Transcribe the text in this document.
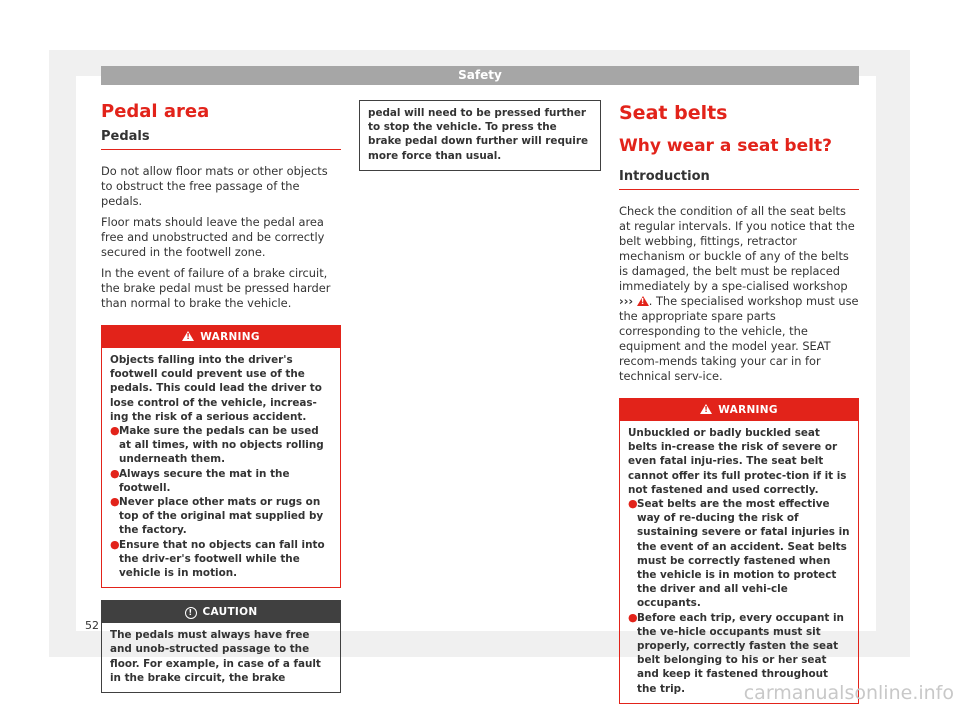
Safety
Pedal area
Pedals

Do not allow floor mats or other objects to obstruct the free passage of the pedals.

Floor mats should leave the pedal area free and unobstructed and be correctly secured in the footwell zone.

In the event of failure of a brake circuit, the brake pedal must be pressed harder than normal to brake the vehicle.

!WARNING

Objects falling into the driver's footwell could prevent use of the pedals. This could lead the driver to lose control of the vehicle, increas-ing the risk of a serious accident.

● Make sure the pedals can be used at all times, with no objects rolling underneath them.
● Always secure the mat in the footwell.
● Never place other mats or rugs on top of the original mat supplied by the factory.
● Ensure that no objects can fall into the driv-er's footwell while the vehicle is in motion.
! CAUTION

The pedals must always have free and unob-structed passage to the floor. For example, in case of a fault in the brake circuit, the brake

pedal will need to be pressed further to stop the vehicle. To press the brake pedal down further will require more force than usual.

Seat belts
Why wear a seat belt?
Introduction

Check the condition of all the seat belts at regular intervals. If you notice that the belt webbing, fittings, retractor mechanism or buckle of any of the belts is damaged, the belt must be replaced immediately by a spe-cialised workshop ››› ! . The specialised workshop must use the appropriate spare parts corresponding to the vehicle, the equipment and the model year. SEAT recom-mends taking your car in for technical serv-ice.

!WARNING

Unbuckled or badly buckled seat belts in-crease the risk of severe or even fatal inju-ries. The seat belt cannot offer its full protec-tion if it is not fastened and used correctly.

● Seat belts are the most effective way of re-ducing the risk of sustaining severe or fatal injuries in the event of an accident. Seat belts must be correctly fastened when the vehicle is in motion to protect the driver and all vehi-cle occupants.
● Before each trip, every occupant in the ve-hicle occupants must sit properly, correctly fasten the seat belt belonging to his or her seat and keep it fastened throughout the trip.
52
carmanualsonline.info
